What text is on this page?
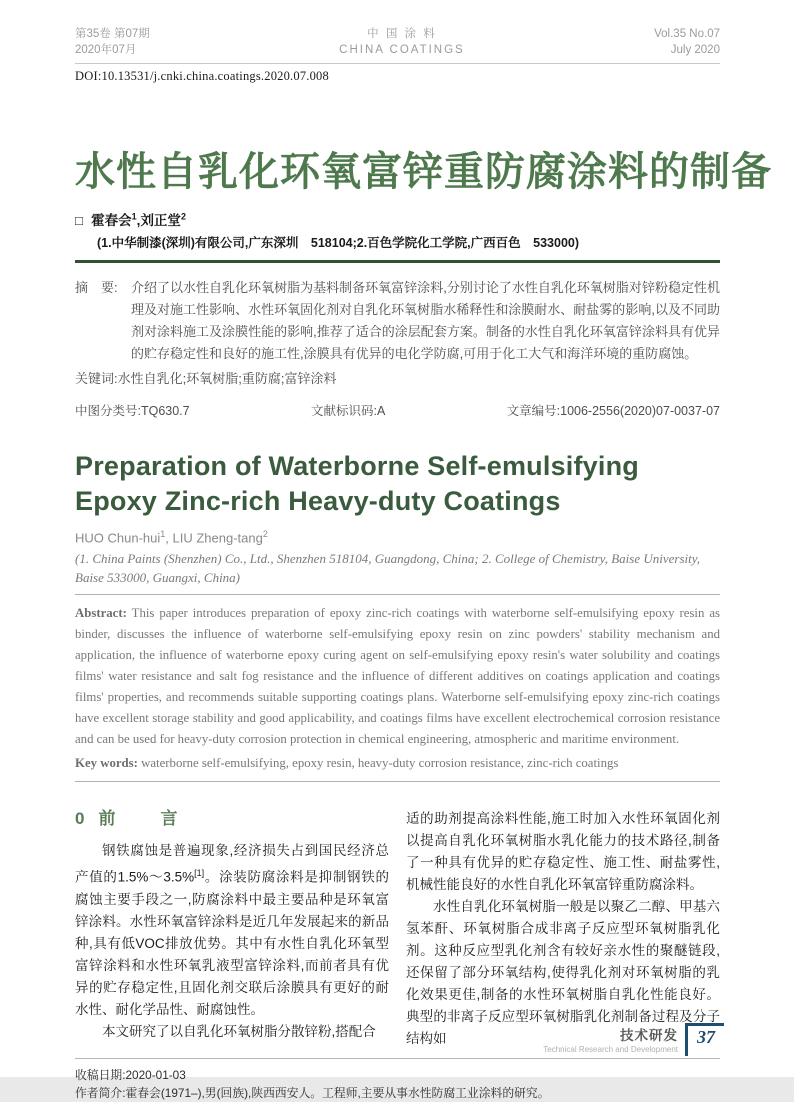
第35卷 第07期
2020年07月
中 国 涂 料
CHINA COATINGS
Vol.35 No.07
July 2020
DOI:10.13531/j.cnki.china.coatings.2020.07.008
水性自乳化环氧富锌重防腐涂料的制备
□ 霍春会$^1$,刘正堂$^2$
(1.中华制漆(深圳)有限公司,广东深圳　518104;2.百色学院化工学院,广西百色　533000)
摘　要: 介绍了以水性自乳化环氧树脂为基料制备环氧富锌涂料,分别讨论了水性自乳化环氧树脂对锌粉稳定性机理及对施工性影响、水性环氧固化剂对自乳化环氧树脂水稀释性和涂膜耐水、耐盐雾的影响,以及不同助剂对涂料施工及涂膜性能的影响,推荐了适合的涂层配套方案。制备的水性自乳化环氧富锌涂料具有优异的贮存稳定性和良好的施工性,涂膜具有优异的电化学防腐,可用于化工大气和海洋环境的重防腐蚀。
关键词:水性自乳化;环氧树脂;重防腐;富锌涂料
中图分类号:TQ630.7	文献标识码:A	文章编号:1006-2556(2020)07-0037-07
Preparation of Waterborne Self-emulsifying Epoxy Zinc-rich Heavy-duty Coatings
HUO Chun-hui$^1$, LIU Zheng-tang$^2$
(1. China Paints (Shenzhen) Co., Ltd., Shenzhen 518104, Guangdong, China; 2. College of Chemistry, Baise University, Baise 533000, Guangxi, China)
Abstract: This paper introduces preparation of epoxy zinc-rich coatings with waterborne self-emulsifying epoxy resin as binder, discusses the influence of waterborne self-emulsifying epoxy resin on zinc powders' stability mechanism and application, the influence of waterborne epoxy curing agent on self-emulsifying epoxy resin's water solubility and coatings films' water resistance and salt fog resistance and the influence of different additives on coatings application and coatings films' properties, and recommends suitable supporting coatings plans. Waterborne self-emulsifying epoxy zinc-rich coatings have excellent storage stability and good applicability, and coatings films have excellent electrochemical corrosion resistance and can be used for heavy-duty corrosion protection in chemical engineering, atmospheric and maritime environment.
Key words: waterborne self-emulsifying, epoxy resin, heavy-duty corrosion resistance, zinc-rich coatings
0 前　言

钢铁腐蚀是普遍现象,经济损失占到国民经济总产值的1.5%～3.5%[1]。涂装防腐涂料是抑制钢铁的腐蚀主要手段之一,防腐涂料中最主要品种是环氧富锌涂料。水性环氧富锌涂料是近几年发展起来的新品种,具有低VOC排放优势。其中有水性自乳化环氧型富锌涂料和水性环氧乳液型富锌涂料,而前者具有优异的贮存稳定性,且固化剂交联后涂膜具有更好的耐水性、耐化学品性、耐腐蚀性。

本文研究了以自乳化环氧树脂分散锌粉,搭配合

适的助剂提高涂料性能,施工时加入水性环氧固化剂以提高自乳化环氧树脂水乳化能力的技术路径,制备了一种具有优异的贮存稳定性、施工性、耐盐雾性,机械性能良好的水性自乳化环氧富锌重防腐涂料。

水性自乳化环氧树脂一般是以聚乙二醇、甲基六氢苯酐、环氧树脂合成非离子反应型环氧树脂乳化剂。这种反应型乳化剂含有较好亲水性的聚醚链段,还保留了部分环氧结构,使得乳化剂对环氧树脂的乳化效果更佳,制备的水性环氧树脂自乳化性能良好。典型的非离子反应型环氧树脂乳化剂制备过程及分子结构如

收稿日期:2020-01-03
作者简介:霍春会(1971–),男(回族),陕西西安人。工程师,主要从事水性防腐工业涂料的研究。
技术研发
Technical Research and Development
37
